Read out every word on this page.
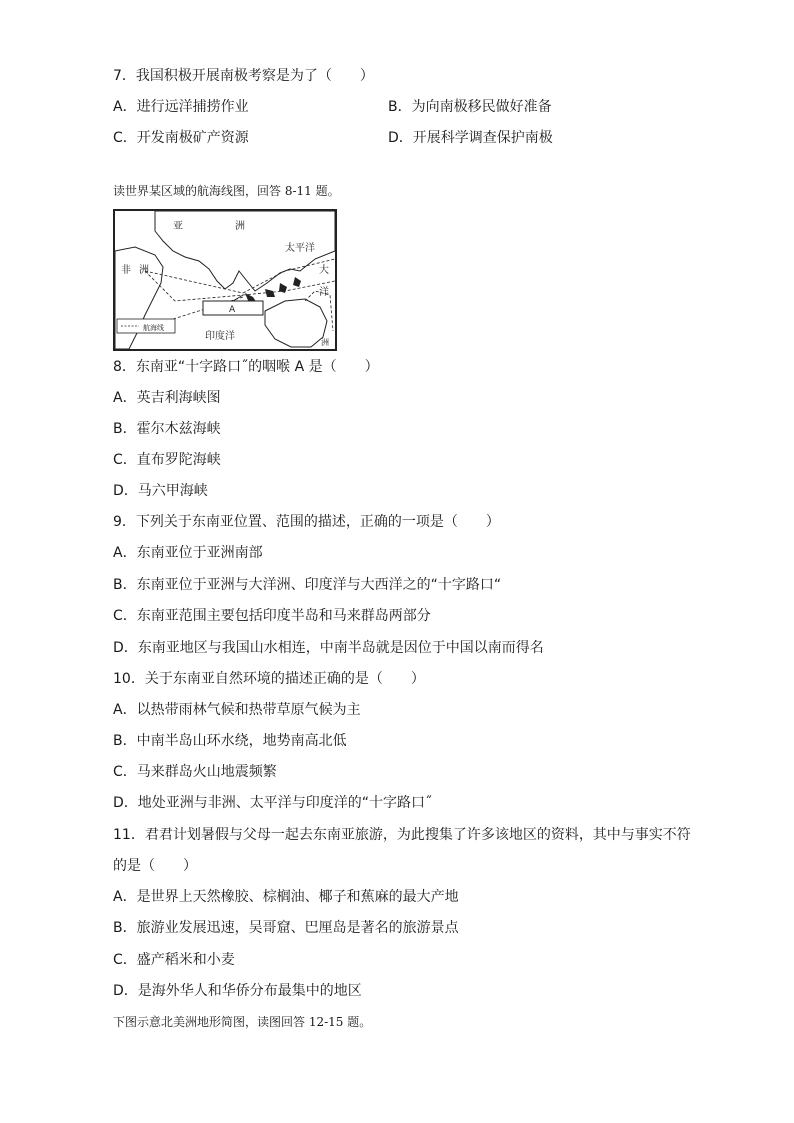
7．我国积极开展南极考察是为了（　　）
A．进行远洋捕捞作业	B．为向南极移民做好准备
C．开发南极矿产资源	D．开展科学调查保护南极
读世界某区域的航海线图，回答 8-11 题。
航海线
亚	洲
非 洲
太平洋
大
洋
洲
印度洋
A
8．东南亚“十字路口˝的咽喉 A 是（　　）
A．英吉利海峡图
B．霍尔木兹海峡
C．直布罗陀海峡
D．马六甲海峡
9．下列关于东南亚位置、范围的描述，正确的一项是（　　）
A．东南亚位于亚洲南部
B．东南亚位于亚洲与大洋洲、印度洋与大西洋之的“十字路口“
C．东南亚范围主要包括印度半岛和马来群岛两部分
D．东南亚地区与我国山水相连，中南半岛就是因位于中国以南而得名
10．关于东南亚自然环境的描述正确的是（　　）
A．以热带雨林气候和热带草原气候为主
B．中南半岛山环水绕，地势南高北低
C．马来群岛火山地震频繁
D．地处亚洲与非洲、太平洋与印度洋的“十字路口˝
11．君君计划暑假与父母一起去东南亚旅游，为此搜集了许多该地区的资料，其中与事实不符
的是（　　）
A．是世界上天然橡胶、棕榈油、椰子和蕉麻的最大产地
B．旅游业发展迅速，吴哥窟、巴厘岛是著名的旅游景点
C．盛产稻米和小麦
D．是海外华人和华侨分布最集中的地区
下图示意北美洲地形简图，读图回答 12-15 题。
